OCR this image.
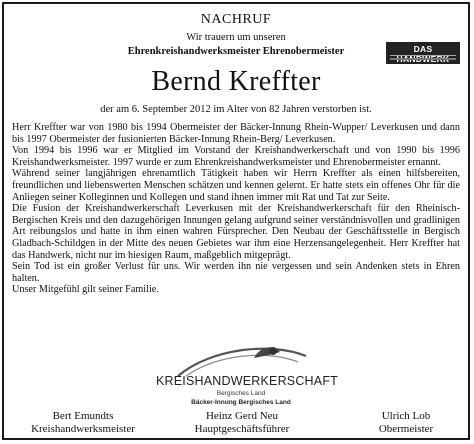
NACHRUF
Wir trauern um unseren
Ehrenkreishandwerksmeister Ehrenobermeister
Bernd Kreffter
der am 6. September 2012 im Alter von 82 Jahren verstorben ist.
DAS

Herr Kreffter war von 1980 bis 1994 Obermeister der Bäcker-Innung Rhein-Wupper/ Leverkusen und dann bis 1997 Obermeister der fusionierten Bäcker-Innung Rhein-Berg/ Leverkusen.

Von 1994 bis 1996 war er Mitglied im Vorstand der Kreishandwerkerschaft und von 1990 bis 1996 Kreishandwerksmeister. 1997 wurde er zum Ehrenkreishandwerksmeister und Ehrenobermeister ernannt.

Während seiner langjährigen ehrenamtlich Tätigkeit haben wir Herrn Kreffter als einen hilfsbereiten, freundlichen und liebenswerten Menschen schätzen und kennen gelernt. Er hatte stets ein offenes Ohr für die Anliegen seiner Kolleginnen und Kollegen und stand ihnen immer mit Rat und Tat zur Seite.

Die Fusion der Kreishandwerkerschaft Leverkusen mit der Kreishandwerkerschaft für den Rheinisch-Bergischen Kreis und den dazugehörigen Innungen gelang aufgrund seiner verständnisvollen und gradlinigen Art reibungslos und hatte in ihm einen wahren Fürsprecher. Den Neubau der Geschäftsstelle in Bergisch Gladbach-Schildgen in der Mitte des neuen Gebietes war ihm eine Herzensangelegenheit. Herr Kreffter hat das Handwerk, nicht nur im hiesigen Raum, maßgeblich mitgeprägt.

Sein Tod ist ein großer Verlust für uns. Wir werden ihn nie vergessen und sein Andenken stets in Ehren halten.

Unser Mitgefühl gilt seiner Familie.

KREISHANDWERKERSCHAFT
Bergisches Land
Bäcker-Innung Bergisches Land
Bert Emundts
Kreishandwerksmeister
Heinz Gerd Neu
Hauptgeschäftsführer
Ulrich Lob
Obermeister
